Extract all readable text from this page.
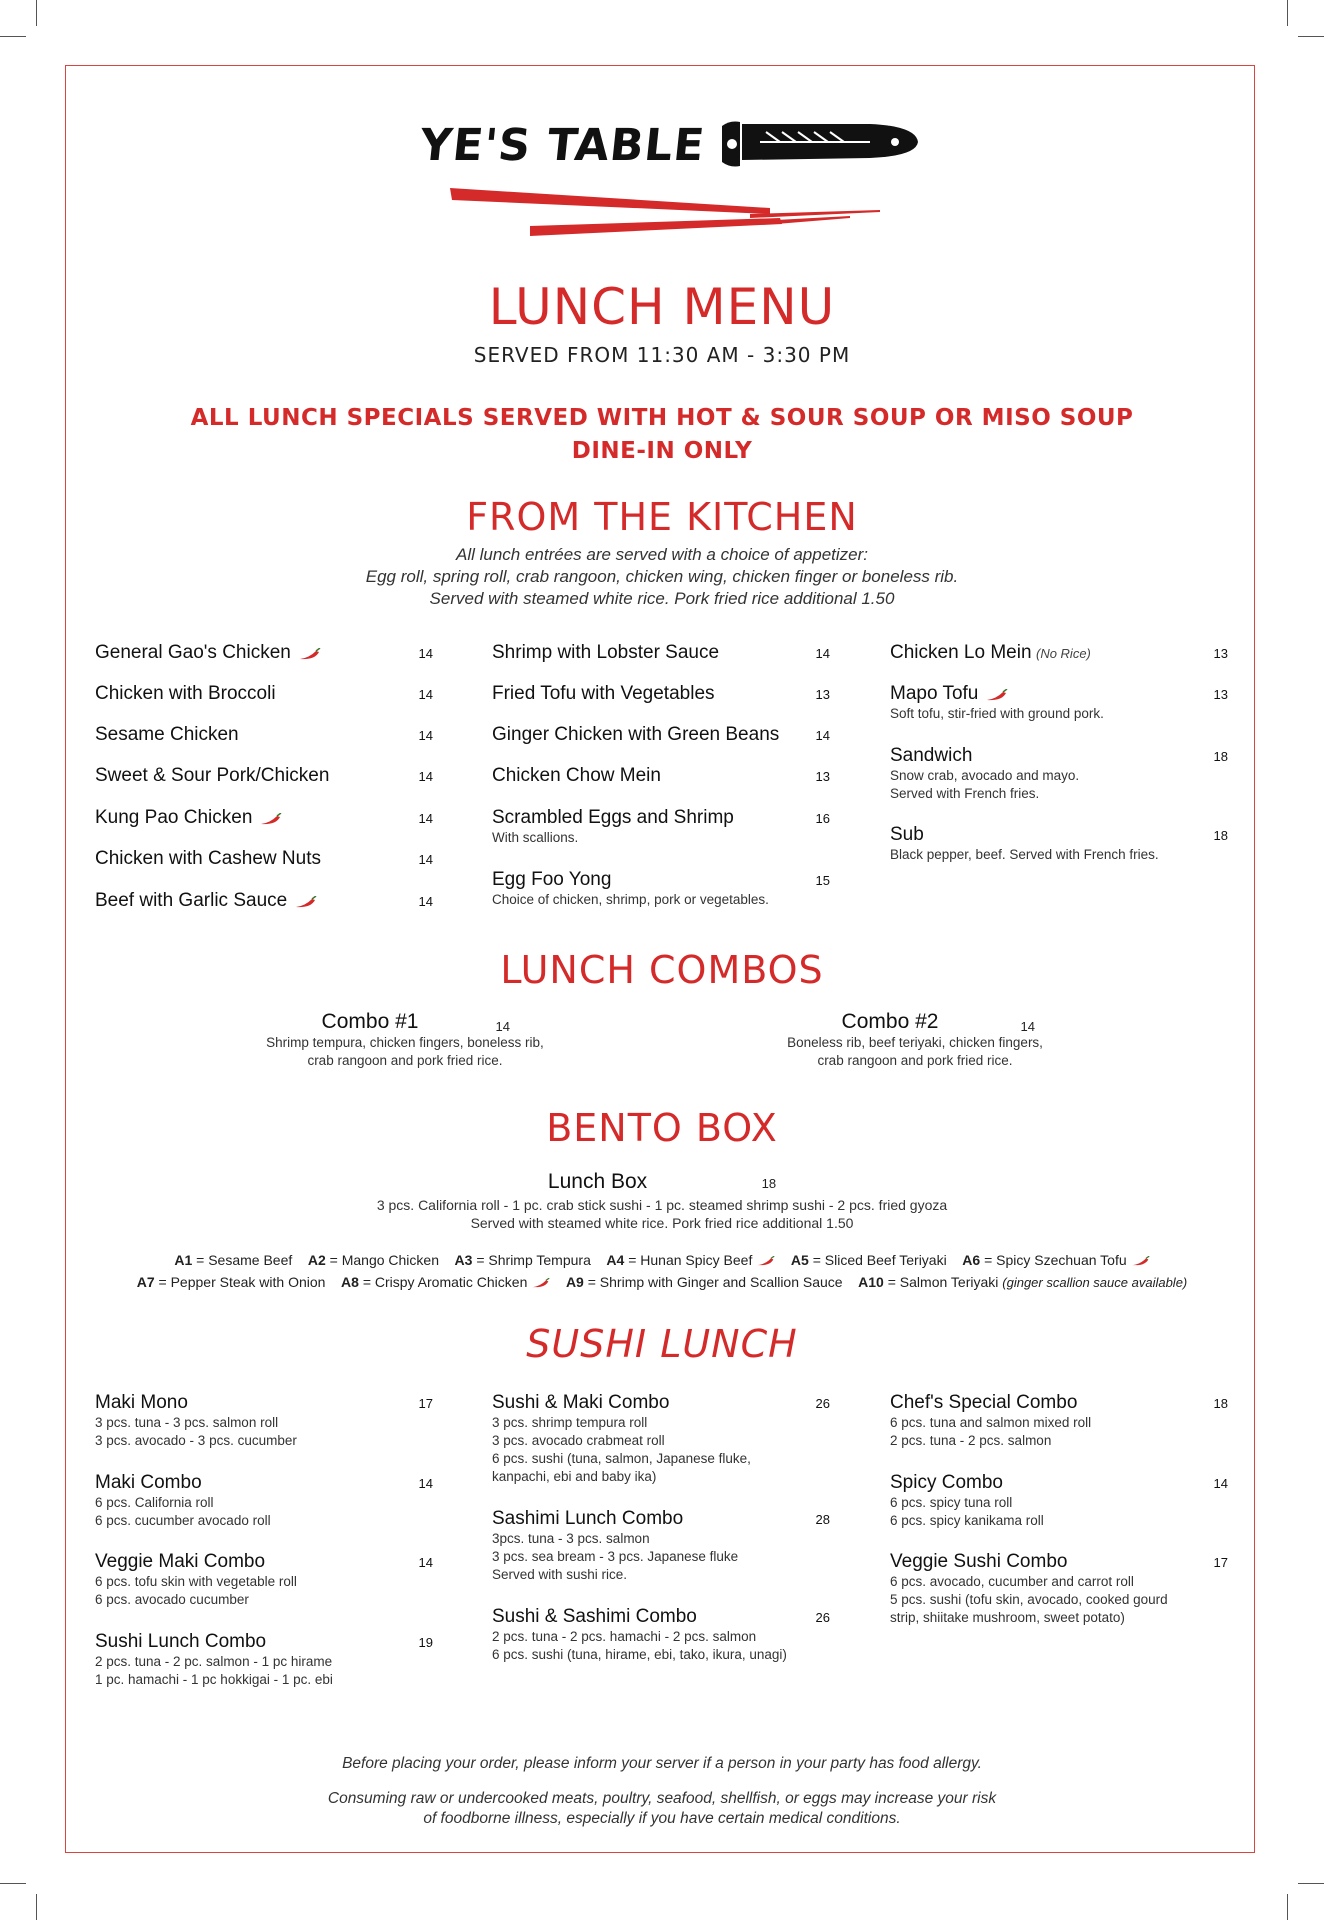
YE'S TABLE
LUNCH MENU
SERVED FROM 11:30 AM - 3:30 PM
ALL LUNCH SPECIALS SERVED WITH HOT & SOUR SOUP OR MISO SOUP
DINE-IN ONLY
FROM THE KITCHEN
All lunch entrées are served with a choice of appetizer:
Egg roll, spring roll, crab rangoon, chicken wing, chicken finger or boneless rib.
Served with steamed white rice. Pork fried rice additional 1.50
General Gao's Chicken	14
Chicken with Broccoli	14
Sesame Chicken	14
Sweet & Sour Pork/Chicken	14
Kung Pao Chicken	14
Chicken with Cashew Nuts	14
Beef with Garlic Sauce	14
Shrimp with Lobster Sauce	14
Fried Tofu with Vegetables	13
Ginger Chicken with Green Beans	14
Chicken Chow Mein	13
Scrambled Eggs and Shrimp	16
With scallions.
Egg Foo Yong	15
Choice of chicken, shrimp, pork or vegetables.
Chicken Lo Mein (No Rice)	13
Mapo Tofu	13
Soft tofu, stir-fried with ground pork.
Sandwich	18
Snow crab, avocado and mayo.
Served with French fries.
Sub	18
Black pepper, beef. Served with French fries.
LUNCH COMBOS
Combo #1	14
Shrimp tempura, chicken fingers, boneless rib,
crab rangoon and pork fried rice.
Combo #2	14
Boneless rib, beef teriyaki, chicken fingers,
crab rangoon and pork fried rice.
BENTO BOX
Lunch Box	18
3 pcs. California roll - 1 pc. crab stick sushi - 1 pc. steamed shrimp sushi - 2 pcs. fried gyoza
Served with steamed white rice. Pork fried rice additional 1.50
A1 = Sesame Beef A2 = Mango Chicken A3 = Shrimp Tempura A4 = Hunan Spicy Beef	A5 = Sliced Beef Teriyaki A6 = Spicy Szechuan Tofu
A7 = Pepper Steak with Onion A8 = Crispy Aromatic Chicken	A9 = Shrimp with Ginger and Scallion Sauce A10 = Salmon Teriyaki (ginger scallion sauce available)
SUSHI LUNCH
Maki Mono	17
3 pcs. tuna - 3 pcs. salmon roll
3 pcs. avocado - 3 pcs. cucumber
Maki Combo	14
6 pcs. California roll
6 pcs. cucumber avocado roll
Veggie Maki Combo	14
6 pcs. tofu skin with vegetable roll
6 pcs. avocado cucumber
Sushi Lunch Combo	19
2 pcs. tuna - 2 pc. salmon - 1 pc hirame
1 pc. hamachi - 1 pc hokkigai - 1 pc. ebi
Sushi & Maki Combo	26
3 pcs. shrimp tempura roll
3 pcs. avocado crabmeat roll
6 pcs. sushi (tuna, salmon, Japanese fluke,
kanpachi, ebi and baby ika)
Sashimi Lunch Combo	28
3pcs. tuna - 3 pcs. salmon
3 pcs. sea bream - 3 pcs. Japanese fluke
Served with sushi rice.
Sushi & Sashimi Combo	26
2 pcs. tuna - 2 pcs. hamachi - 2 pcs. salmon
6 pcs. sushi (tuna, hirame, ebi, tako, ikura, unagi)
Chef's Special Combo	18
6 pcs. tuna and salmon mixed roll
2 pcs. tuna - 2 pcs. salmon
Spicy Combo	14
6 pcs. spicy tuna roll
6 pcs. spicy kanikama roll
Veggie Sushi Combo	17
6 pcs. avocado, cucumber and carrot roll
5 pcs. sushi (tofu skin, avocado, cooked gourd
strip, shiitake mushroom, sweet potato)
Before placing your order, please inform your server if a person in your party has food allergy.
Consuming raw or undercooked meats, poultry, seafood, shellfish, or eggs may increase your risk
of foodborne illness, especially if you have certain medical conditions.
